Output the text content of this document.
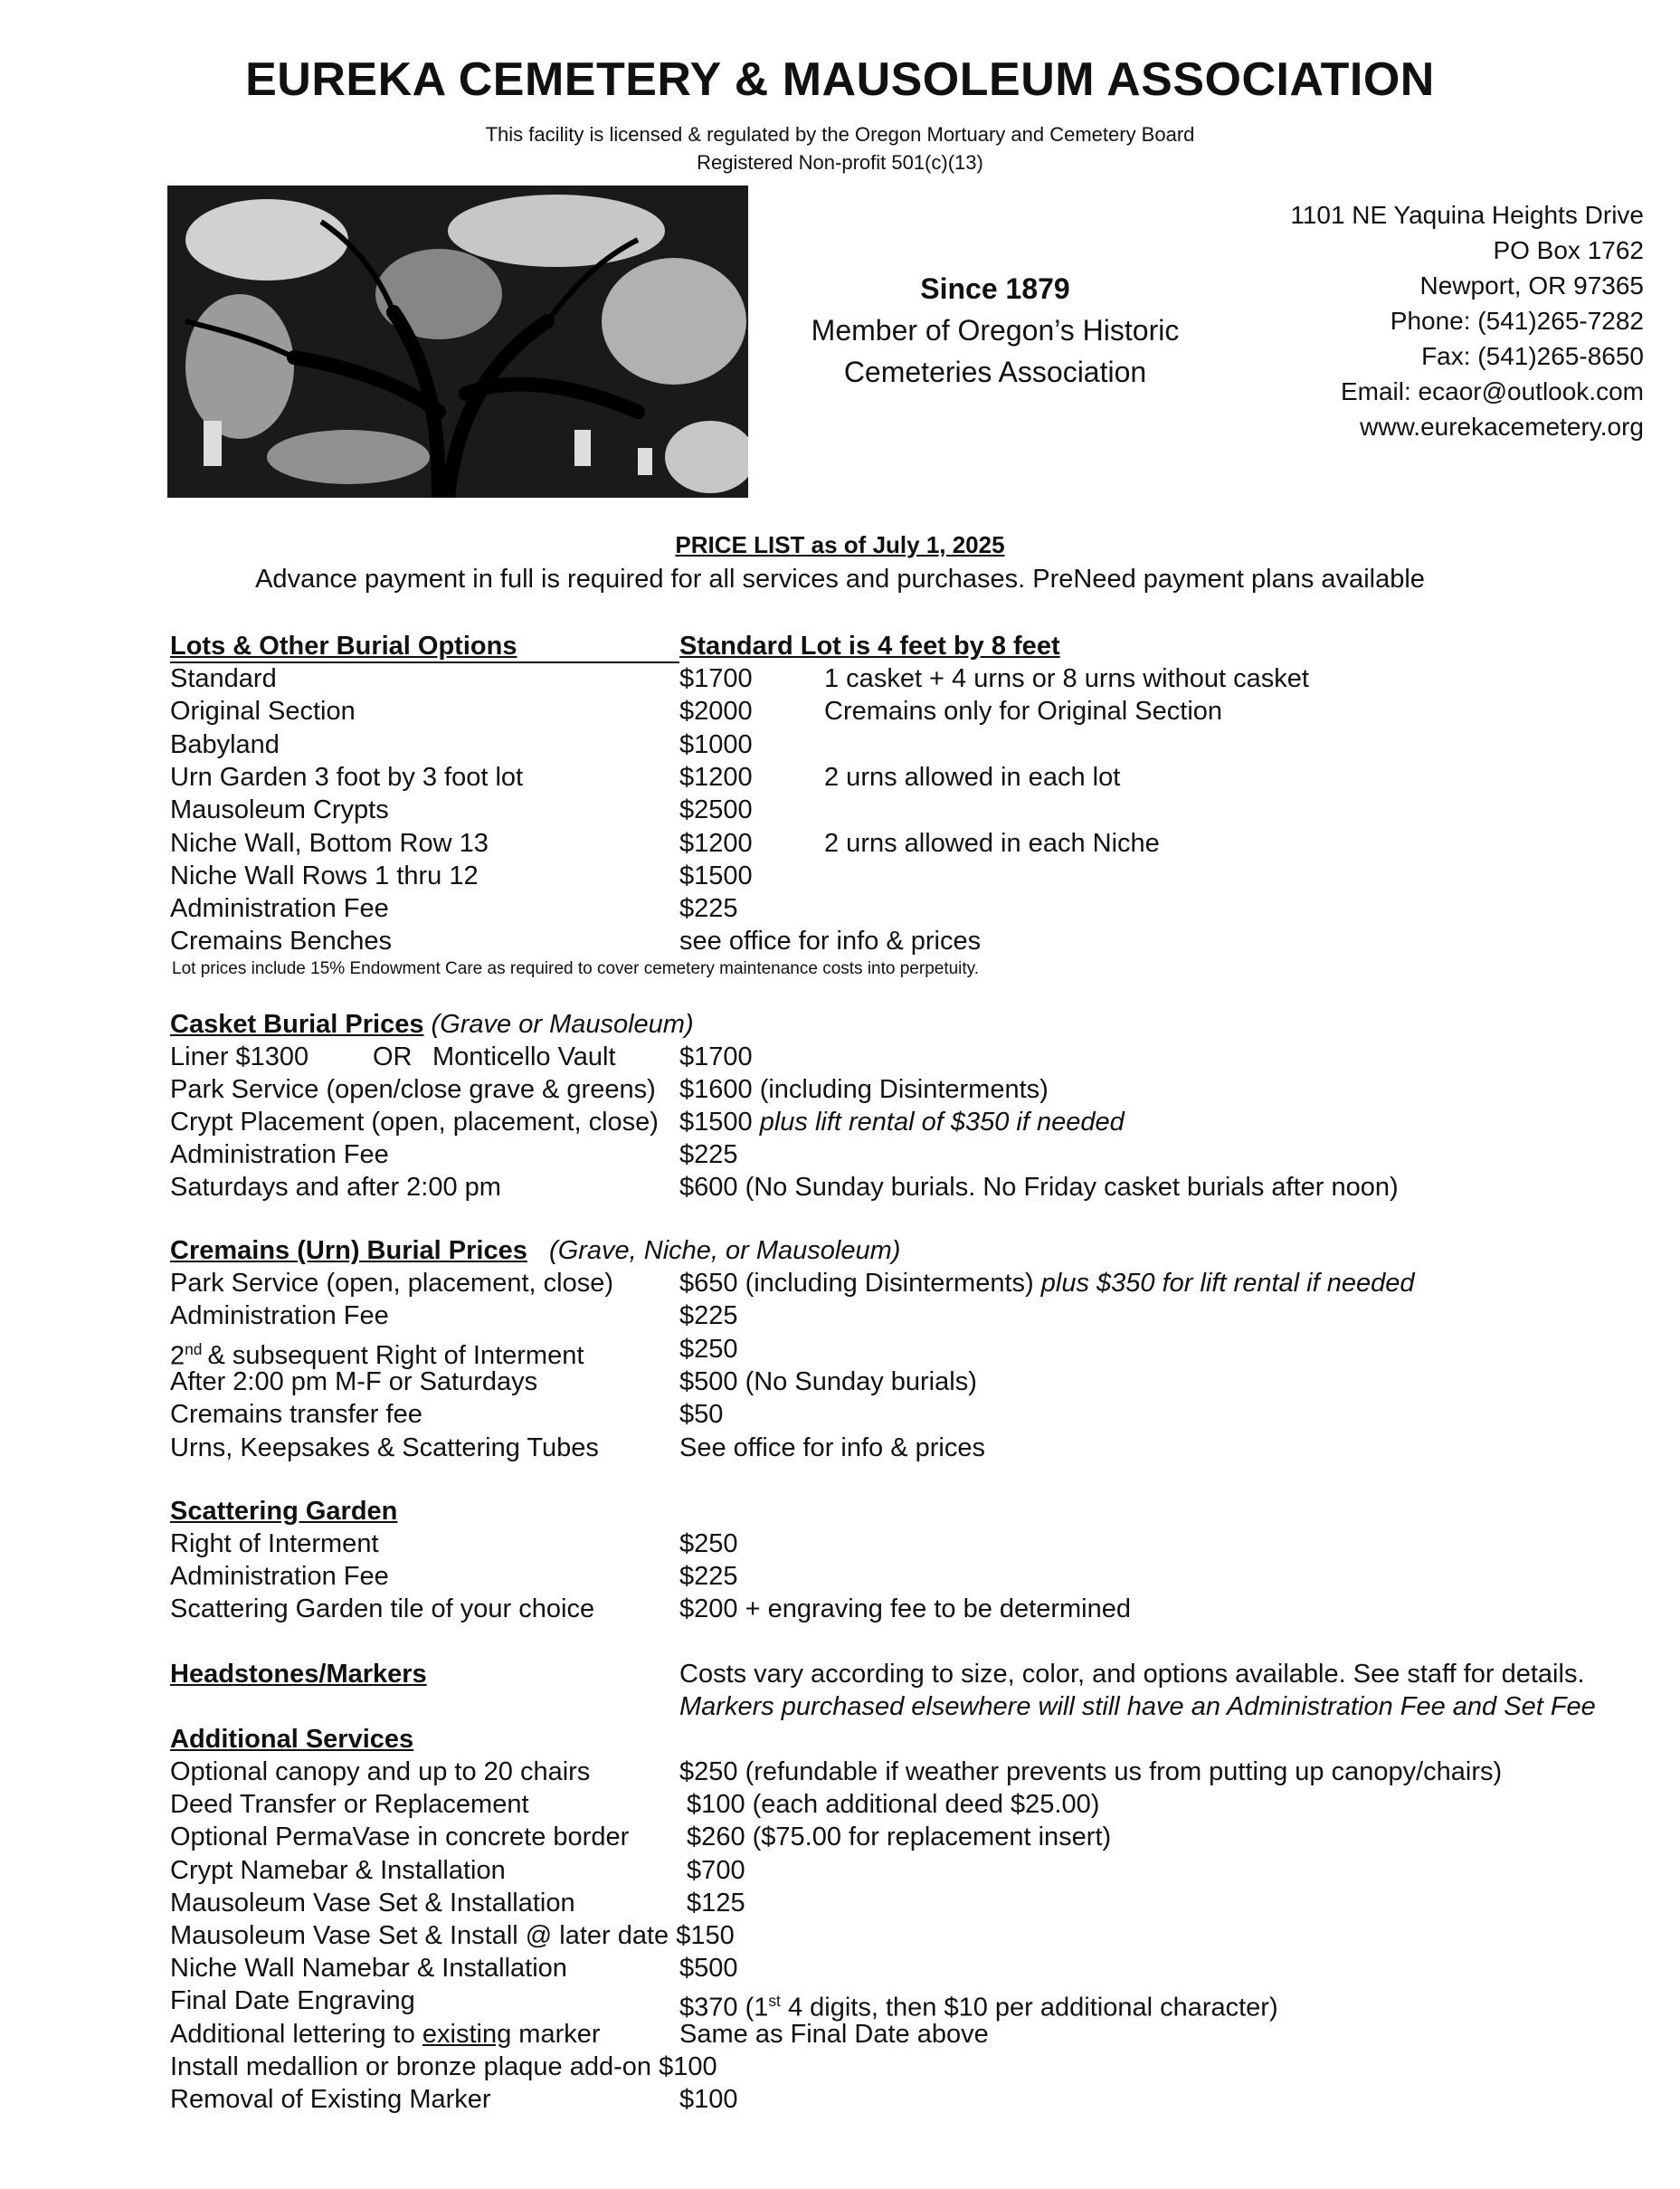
EUREKA CEMETERY & MAUSOLEUM ASSOCIATION
This facility is licensed & regulated by the Oregon Mortuary and Cemetery Board
Registered Non-profit 501(c)(13)
Since 1879
Member of Oregon’s Historic
Cemeteries Association
1101 NE Yaquina Heights Drive
PO Box 1762
Newport, OR 97365
Phone: (541)265-7282
Fax: (541)265-8650
Email: ecaor@outlook.com
www.eurekacemetery.org
PRICE LIST as of July 1, 2025
Advance payment in full is required for all services and purchases. PreNeed payment plans available
Lots & Other Burial Options	Standard Lot is 4 feet by 8 feet
Standard	$1700	1 casket + 4 urns or 8 urns without casket
Original Section	$2000	Cremains only for Original Section
Babyland	$1000
Urn Garden 3 foot by 3 foot lot	$1200	2 urns allowed in each lot
Mausoleum Crypts	$2500
Niche Wall, Bottom Row 13	$1200	2 urns allowed in each Niche
Niche Wall Rows 1 thru 12	$1500
Administration Fee	$225
Cremains Benches	see office for info & prices
Lot prices include 15% Endowment Care as required to cover cemetery maintenance costs into perpetuity.
Casket Burial Prices (Grave or Mausoleum)
Liner $1300 OR Monticello Vault $1700
Park Service (open/close grave & greens) $1600 (including Disinterments)
Crypt Placement (open, placement, close) $1500 plus lift rental of $350 if needed
Administration Fee	$225
Saturdays and after 2:00 pm	$600 (No Sunday burials. No Friday casket burials after noon)
Cremains (Urn) Burial Prices   (Grave, Niche, or Mausoleum)
Park Service (open, placement, close)	$650 (including Disinterments) plus $350 for lift rental if needed
Administration Fee	$225
2nd & subsequent Right of Interment	$250
After 2:00 pm M-F or Saturdays	$500 (No Sunday burials)
Cremains transfer fee	$50
Urns, Keepsakes & Scattering Tubes	See office for info & prices
Scattering Garden
Right of Interment	$250
Administration Fee	$225
Scattering Garden tile of your choice	$200 + engraving fee to be determined
Headstones/Markers	Costs vary according to size, color, and options available. See staff for details.
Markers purchased elsewhere will still have an Administration Fee and Set Fee
Additional Services
Optional canopy and up to 20 chairs	$250 (refundable if weather prevents us from putting up canopy/chairs)
Deed Transfer or Replacement	$100 (each additional deed $25.00)
Optional PermaVase in concrete border $260 ($75.00 for replacement insert)
Crypt Namebar & Installation	$700
Mausoleum Vase Set & Installation	$125
Mausoleum Vase Set & Install @ later date $150
Niche Wall Namebar & Installation	$500
Final Date Engraving	$370 (1st 4 digits, then $10 per additional character)
Additional lettering to existing marker	Same as Final Date above
Install medallion or bronze plaque add-on $100
Removal of Existing Marker	$100
